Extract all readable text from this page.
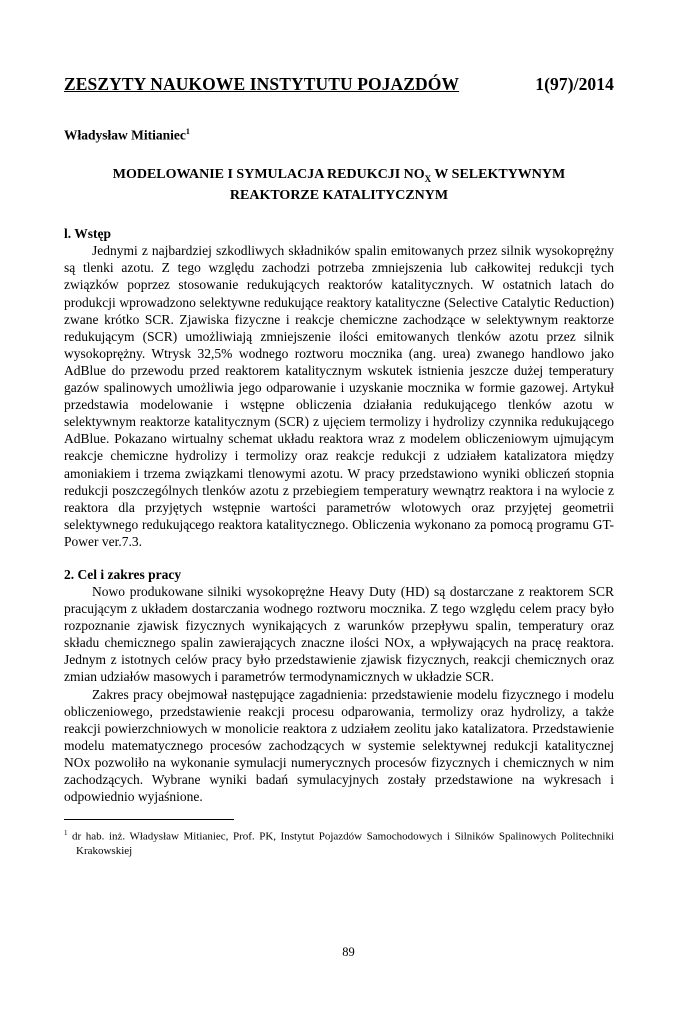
ZESZYTY NAUKOWE INSTYTUTU POJAZDÓW	1(97)/2014
Władysław Mitianiec$^1$
MODELOWANIE I SYMULACJA REDUKCJI $NO_X$ W SELEKTYWNYM
REAKTORZE KATALITYCZNYM
l. Wstęp

Jednymi z najbardziej szkodliwych składników spalin emitowanych przez silnik wysokoprężny są tlenki azotu. Z tego względu zachodzi potrzeba zmniejszenia lub całkowitej redukcji tych związków poprzez stosowanie redukujących reaktorów katalitycznych. W ostatnich latach do produkcji wprowadzono selektywne redukujące reaktory katalityczne (Selective Catalytic Reduction) zwane krótko SCR. Zjawiska fizyczne i reakcje chemiczne zachodzące w selektywnym reaktorze redukującym (SCR) umożliwiają zmniejszenie ilości emitowanych tlenków azotu przez silnik wysokoprężny. Wtrysk 32,5% wodnego roztworu mocznika (ang. urea) zwanego handlowo jako AdBlue do przewodu przed reaktorem katalitycznym wskutek istnienia jeszcze dużej temperatury gazów spalinowych umożliwia jego odparowanie i uzyskanie mocznika w formie gazowej. Artykuł przedstawia modelowanie i wstępne obliczenia działania redukującego tlenków azotu w selektywnym reaktorze katalitycznym (SCR) z ujęciem termolizy i hydrolizy czynnika redukującego AdBlue. Pokazano wirtualny schemat układu reaktora wraz z modelem obliczeniowym ujmującym reakcje chemiczne hydrolizy i termolizy oraz reakcje redukcji z udziałem katalizatora między amoniakiem i trzema związkami tlenowymi azotu. W pracy przedstawiono wyniki obliczeń stopnia redukcji poszczególnych tlenków azotu z przebiegiem temperatury wewnątrz reaktora i na wylocie z reaktora dla przyjętych wstępnie wartości parametrów wlotowych oraz przyjętej geometrii selektywnego redukującego reaktora katalitycznego. Obliczenia wykonano za pomocą programu GT-Power ver.7.3.

2. Cel i zakres pracy

Nowo produkowane silniki wysokoprężne Heavy Duty (HD) są dostarczane z reaktorem SCR pracującym z układem dostarczania wodnego roztworu mocznika. Z tego względu celem pracy było rozpoznanie zjawisk fizycznych wynikających z warunków przepływu spalin, temperatury oraz składu chemicznego spalin zawierających znaczne ilości NOx, a wpływających na pracę reaktora. Jednym z istotnych celów pracy było przedstawienie zjawisk fizycznych, reakcji chemicznych oraz zmian udziałów masowych i parametrów termodynamicznych w układzie SCR.

Zakres pracy obejmował następujące zagadnienia: przedstawienie modelu fizycznego i modelu obliczeniowego, przedstawienie reakcji procesu odparowania, termolizy oraz hydrolizy, a także reakcji powierzchniowych w monolicie reaktora z udziałem zeolitu jako katalizatora. Przedstawienie modelu matematycznego procesów zachodzących w systemie selektywnej redukcji katalitycznej NOx pozwoliło na wykonanie symulacji numerycznych procesów fizycznych i chemicznych w nim zachodzących. Wybrane wyniki badań symulacyjnych zostały przedstawione na wykresach i odpowiednio wyjaśnione.

$^1$ dr hab. inż. Władysław Mitianiec, Prof. PK, Instytut Pojazdów Samochodowych i Silników Spalinowych Politechniki Krakowskiej
89
